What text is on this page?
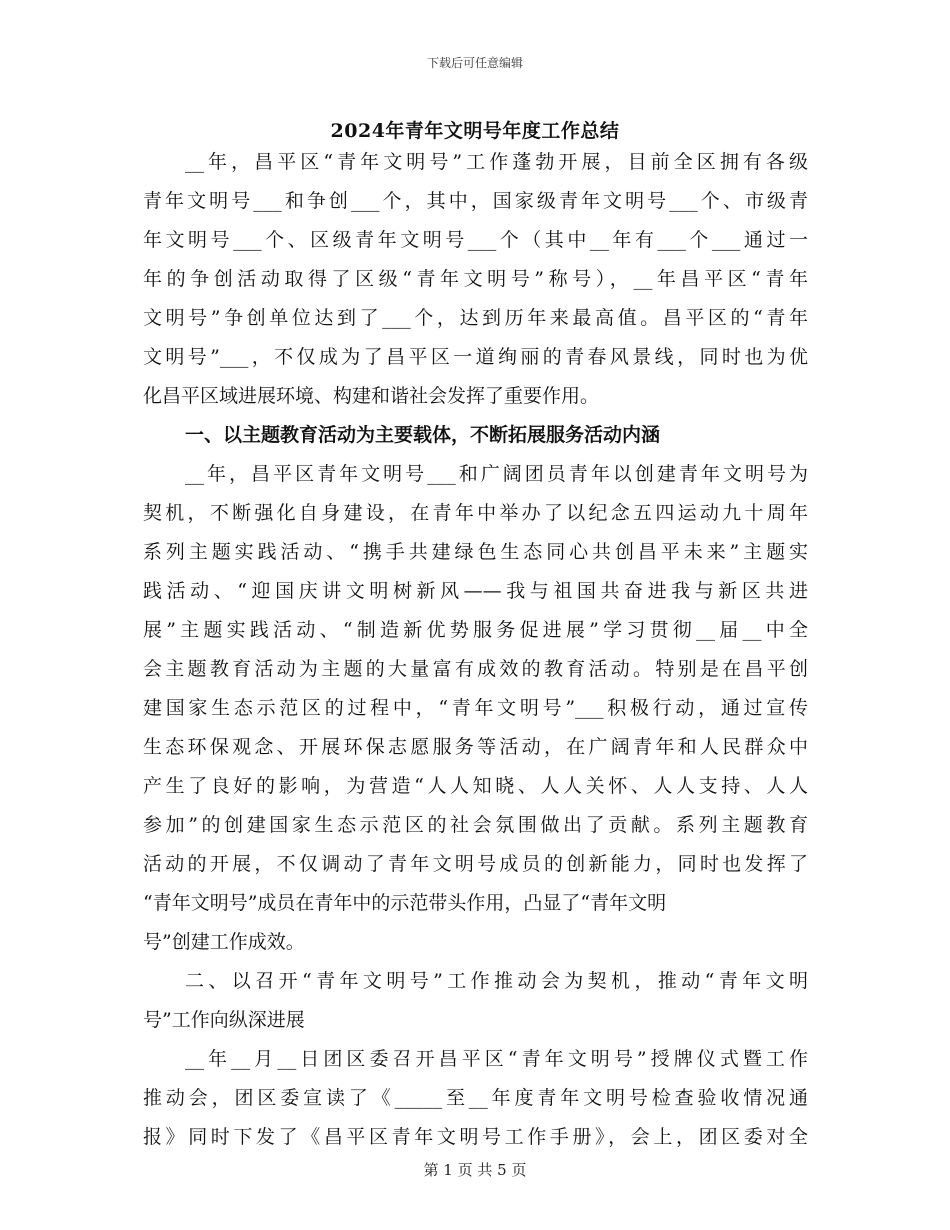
下载后可任意编辑
2024年青年文明号年度工作总结
__年，昌平区“青年文明号”工作蓬勃开展，目前全区拥有各级
青年文明号___和争创___个，其中，国家级青年文明号___个、市级青
年文明号___个、区级青年文明号___个（其中__年有___个___通过一
年的争创活动取得了区级“青年文明号”称号），__年昌平区“青年
文明号”争创单位达到了___个，达到历年来最高值。昌平区的“青年
文明号”___，不仅成为了昌平区一道绚丽的青春风景线，同时也为优
化昌平区域进展环境、构建和谐社会发挥了重要作用。
一、以主题教育活动为主要载体，不断拓展服务活动内涵
__年，昌平区青年文明号___和广阔团员青年以创建青年文明号为
契机，不断强化自身建设，在青年中举办了以纪念五四运动九十周年
系列主题实践活动、“携手共建绿色生态同心共创昌平未来”主题实
践活动、“迎国庆讲文明树新风——我与祖国共奋进我与新区共进
展”主题实践活动、“制造新优势服务促进展”学习贯彻__届__中全
会主题教育活动为主题的大量富有成效的教育活动。特别是在昌平创
建国家生态示范区的过程中，“青年文明号”___积极行动，通过宣传
生态环保观念、开展环保志愿服务等活动，在广阔青年和人民群众中
产生了良好的影响，为营造“人人知晓、人人关怀、人人支持、人人
参加”的创建国家生态示范区的社会氛围做出了贡献。系列主题教育
活动的开展，不仅调动了青年文明号成员的创新能力，同时也发挥了
“青年文明号”成员在青年中的示范带头作用，凸显了“青年文明
号”创建工作成效。
二、以召开“青年文明号”工作推动会为契机，推动“青年文明
号”工作向纵深进展
__年__月__日团区委召开昌平区“青年文明号”授牌仪式暨工作
推动会，团区委宣读了《_____至__年度青年文明号检查验收情况通
报》同时下发了《昌平区青年文明号工作手册》，会上，团区委对全
第 1 页 共 5 页
